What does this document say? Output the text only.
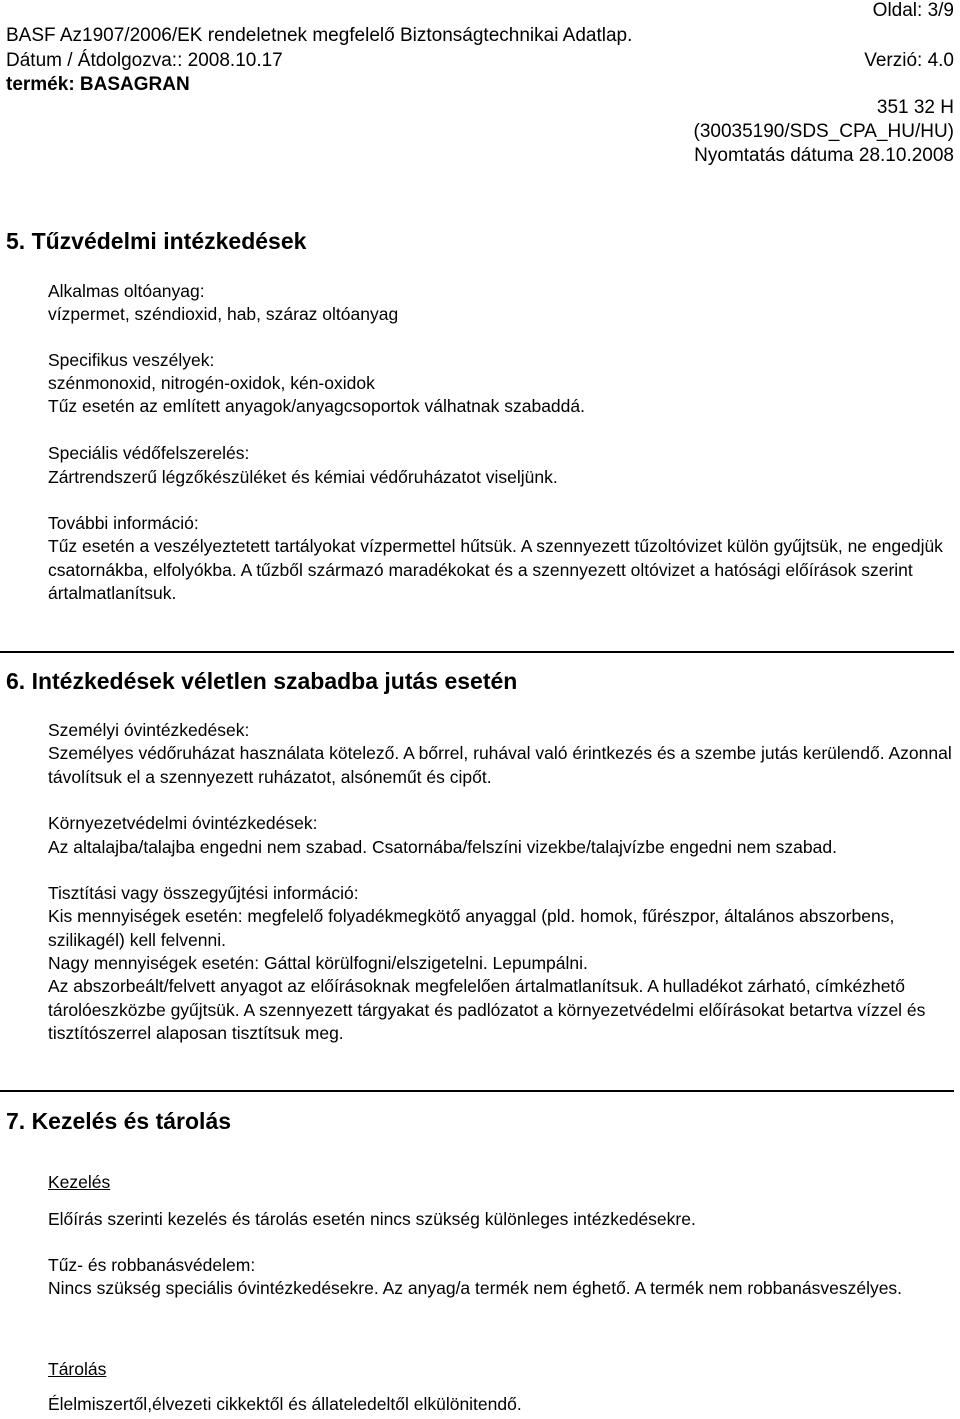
Oldal: 3/9
BASF Az1907/2006/EK rendeletnek megfelelő Biztonságtechnikai Adatlap.
Dátum / Átdolgozva:: 2008.10.17	Verzió: 4.0
termék: BASAGRAN
351 32 H
(30035190/SDS_CPA_HU/HU)
Nyomtatás dátuma 28.10.2008
5. Tűzvédelmi intézkedések
Alkalmas oltóanyag:
vízpermet, széndioxid, hab, száraz oltóanyag
Specifikus veszélyek:
szénmonoxid, nitrogén-oxidok, kén-oxidok
Tűz esetén az említett anyagok/anyagcsoportok válhatnak szabaddá.
Speciális védőfelszerelés:
Zártrendszerű légzőkészüléket és kémiai védőruházatot viseljünk.
További információ:
Tűz esetén a veszélyeztetett tartályokat vízpermettel hűtsük. A szennyezett tűzoltóvizet külön gyűjtsük, ne engedjük csatornákba, elfolyókba. A tűzből származó maradékokat és a szennyezett oltóvizet a hatósági előírások szerint ártalmatlanítsuk.
6. Intézkedések véletlen szabadba jutás esetén
Személyi óvintézkedések:
Személyes védőruházat használata kötelező. A bőrrel, ruhával való érintkezés és a szembe jutás kerülendő. Azonnal távolítsuk el a szennyezett ruházatot, alsóneműt és cipőt.
Környezetvédelmi óvintézkedések:
Az altalajba/talajba engedni nem szabad. Csatornába/felszíni vizekbe/talajvízbe engedni nem szabad.
Tisztítási vagy összegyűjtési információ:
Kis mennyiségek esetén: megfelelő folyadékmegkötő anyaggal (pld. homok, fűrészpor, általános abszorbens, szilikagél) kell felvenni.
Nagy mennyiségek esetén: Gáttal körülfogni/elszigetelni. Lepumpálni.
Az abszorbeált/felvett anyagot az előírásoknak megfelelően ártalmatlanítsuk. A hulladékot zárható, címkézhető tárolóeszközbe gyűjtsük. A szennyezett tárgyakat és padlózatot a környezetvédelmi előírásokat betartva vízzel és tisztítószerrel alaposan tisztítsuk meg.
7. Kezelés és tárolás
Kezelés
Előírás szerinti kezelés és tárolás esetén nincs szükség különleges intézkedésekre.
Tűz- és robbanásvédelem:
Nincs szükség speciális óvintézkedésekre. Az anyag/a termék nem éghető. A termék nem robbanásveszélyes.
Tárolás
Élelmiszertől,élvezeti cikkektől és állateledeltől elkülönitendő.
